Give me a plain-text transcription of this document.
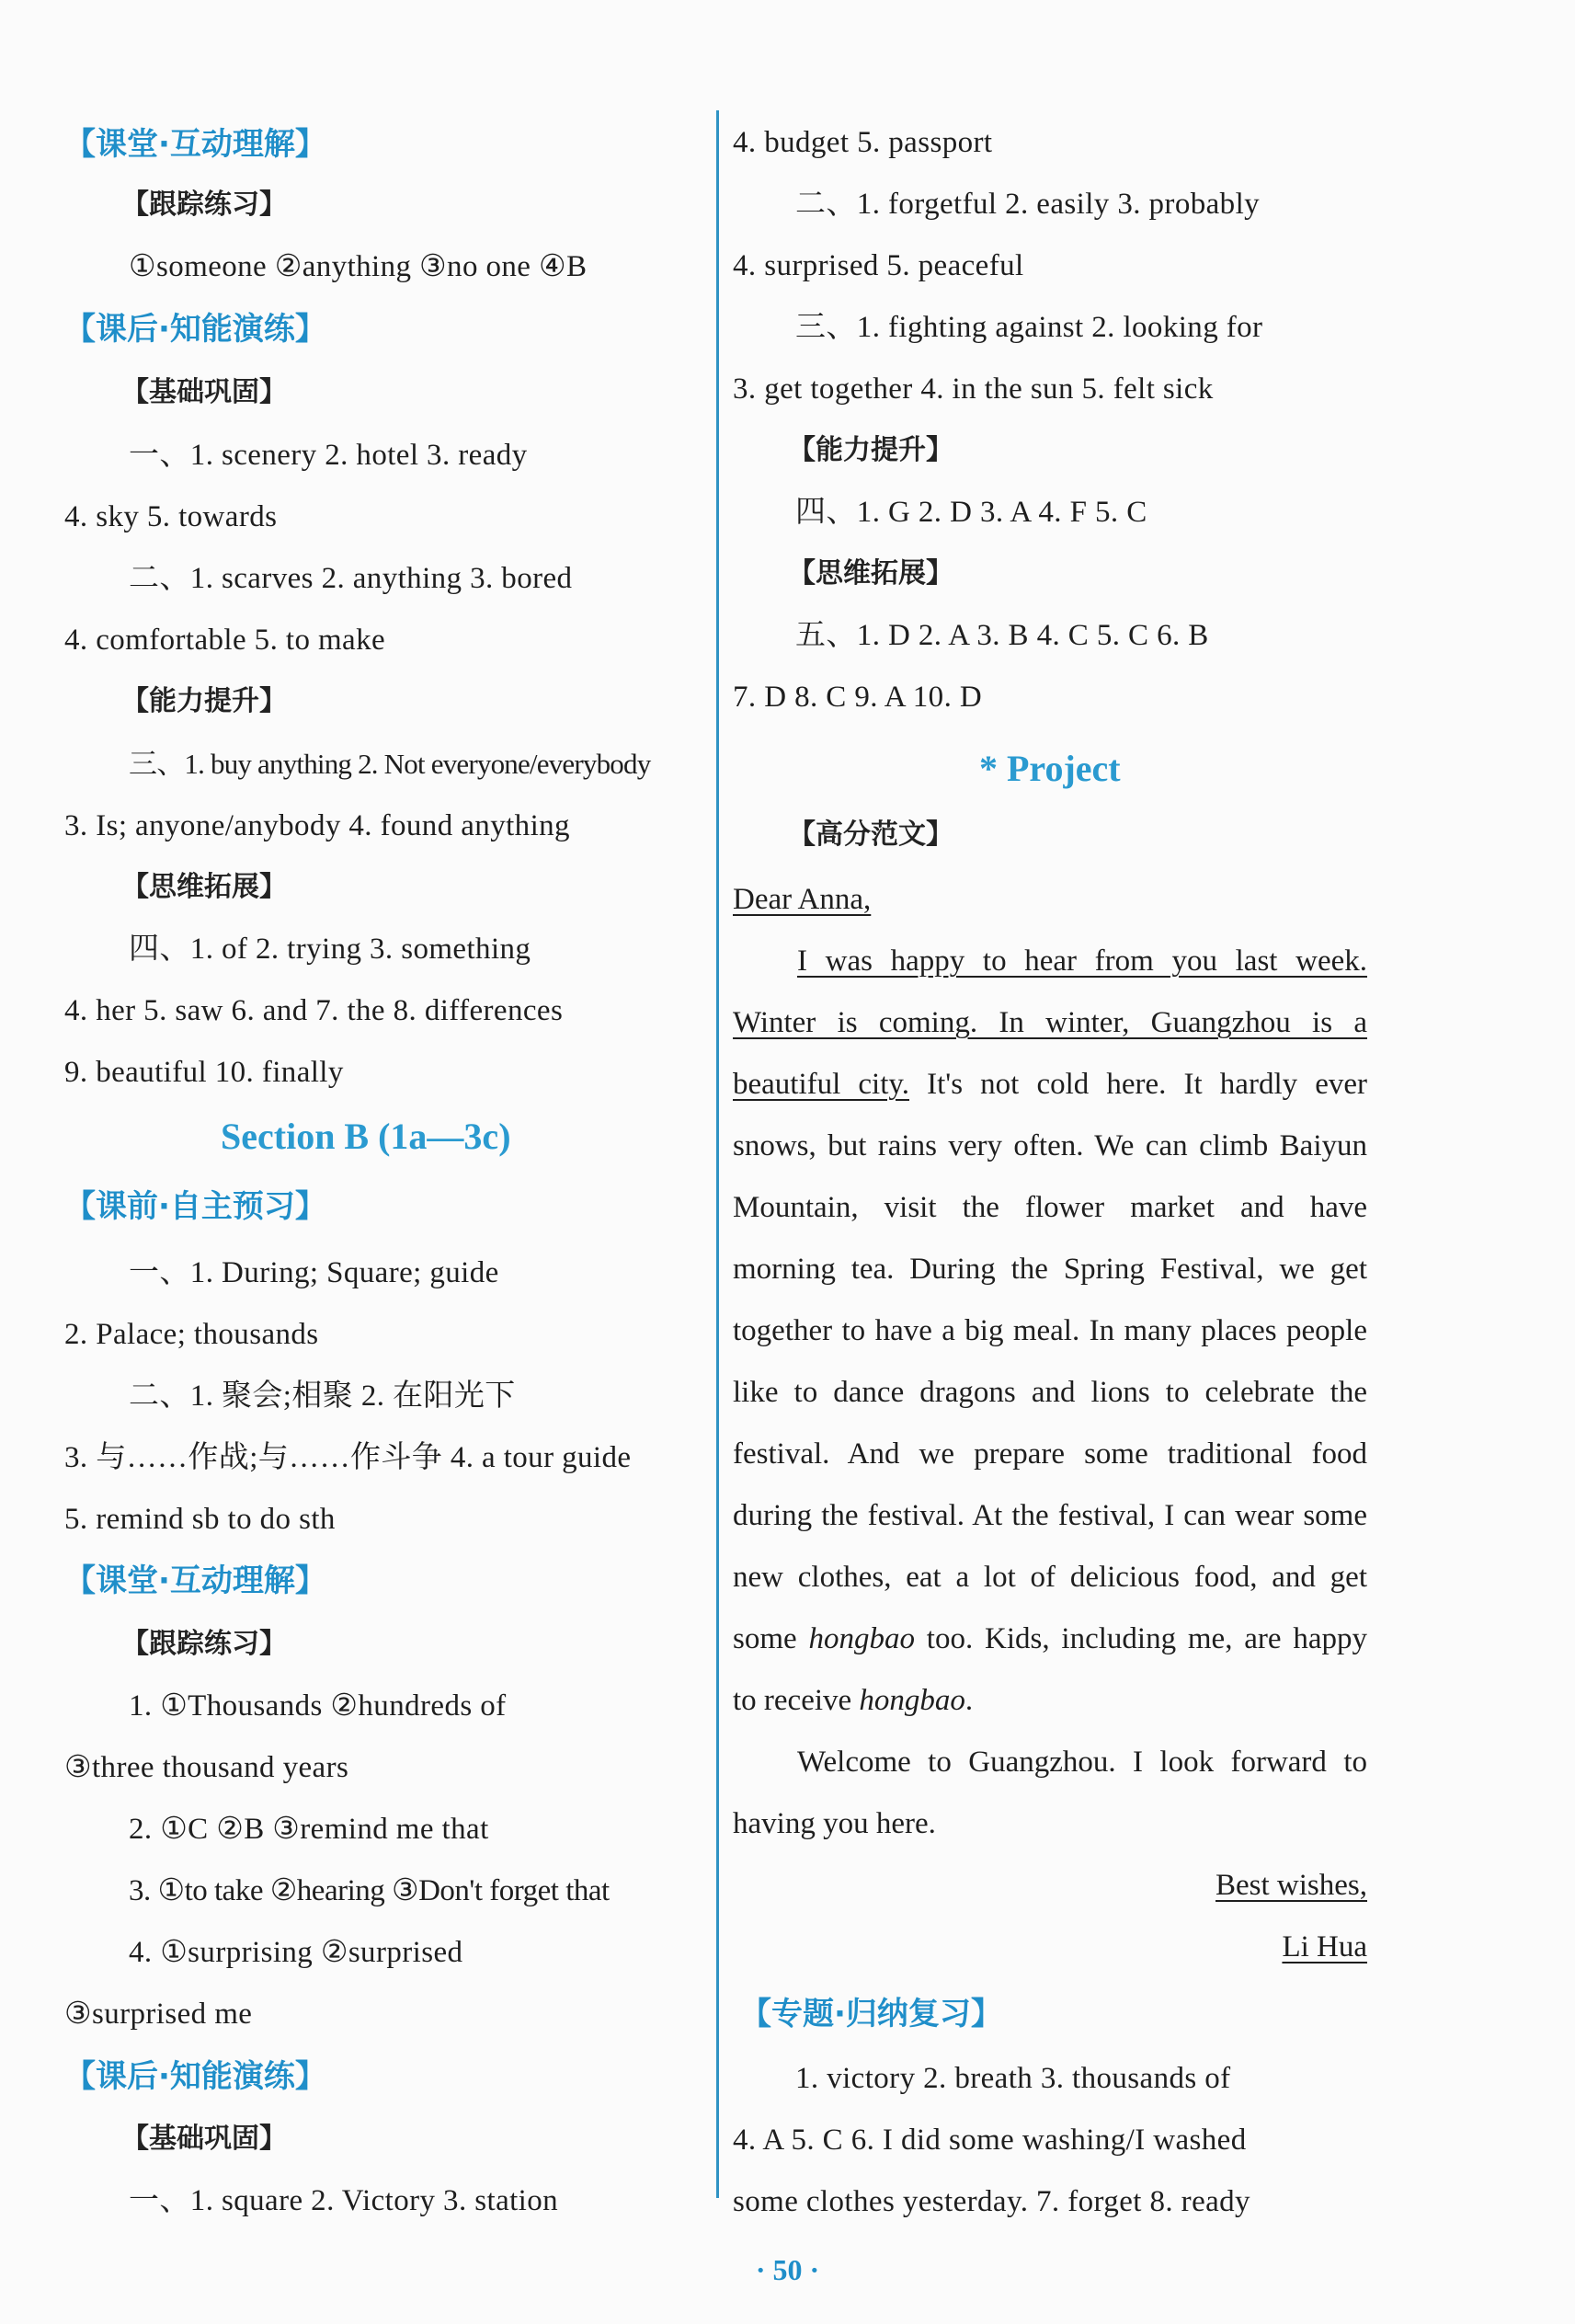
【课堂·互动理解】
【跟踪练习】
①someone ②anything ③no one ④B
【课后·知能演练】
【基础巩固】
一、1. scenery 2. hotel 3. ready
4. sky 5. towards
二、1. scarves 2. anything 3. bored
4. comfortable 5. to make
【能力提升】
三、1. buy anything 2. Not everyone/everybody
3. Is; anyone/anybody 4. found anything
【思维拓展】
四、1. of 2. trying 3. something
4. her 5. saw 6. and 7. the 8. differences
9. beautiful 10. finally
Section B (1a—3c)
【课前·自主预习】
一、1. During; Square; guide
2. Palace; thousands
二、1. 聚会;相聚 2. 在阳光下
3. 与……作战;与……作斗争 4. a tour guide
5. remind sb to do sth
【课堂·互动理解】
【跟踪练习】
1. ①Thousands ②hundreds of
③three thousand years
2. ①C ②B ③remind me that
3. ①to take ②hearing ③Don't forget that
4. ①surprising ②surprised
③surprised me
【课后·知能演练】
【基础巩固】
一、1. square 2. Victory 3. station
4. budget 5. passport
二、1. forgetful 2. easily 3. probably
4. surprised 5. peaceful
三、1. fighting against 2. looking for
3. get together 4. in the sun 5. felt sick
【能力提升】
四、1. G 2. D 3. A 4. F 5. C
【思维拓展】
五、1. D 2. A 3. B 4. C 5. C 6. B
7. D 8. C 9. A 10. D
* Project
【高分范文】

Dear Anna,

I was happy to hear from you last week. Winter is coming. In winter, Guangzhou is a beautiful city. It's not cold here. It hardly ever snows, but rains very often. We can climb Baiyun Mountain, visit the flower market and have morning tea. During the Spring Festival, we get together to have a big meal. In many places people like to dance dragons and lions to celebrate the festival. And we prepare some traditional food during the festival. At the festival, I can wear some new clothes, eat a lot of delicious food, and get some hongbao too. Kids, including me, are happy to receive hongbao.

Welcome to Guangzhou. I look forward to having you here.

Best wishes,

Li Hua

【专题·归纳复习】
1. victory 2. breath 3. thousands of
4. A 5. C 6. I did some washing/I washed
some clothes yesterday. 7. forget 8. ready
· 50 ·
